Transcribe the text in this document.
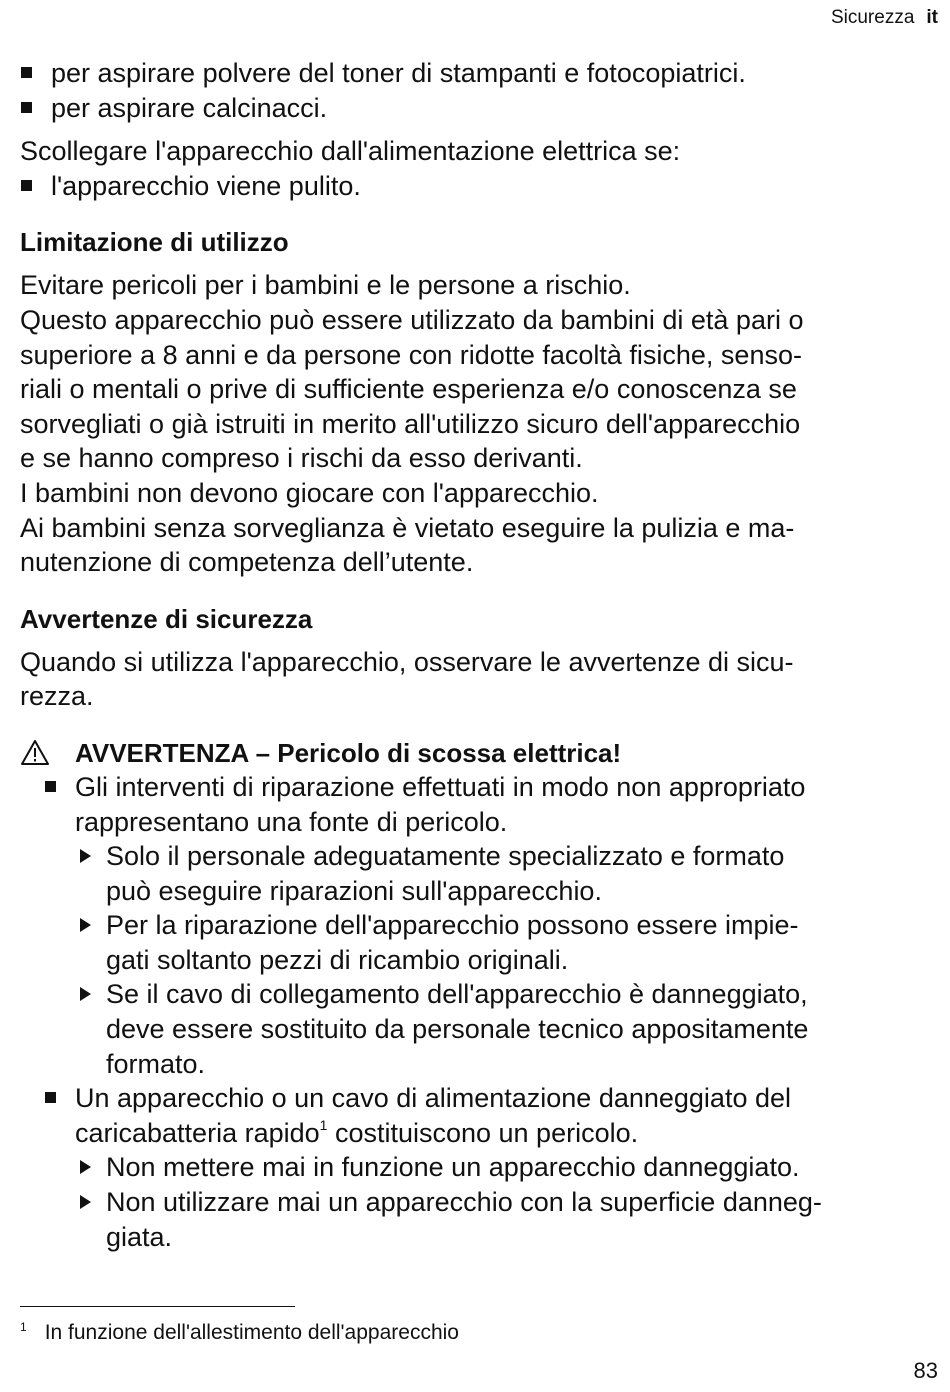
Sicurezza it
per aspirare polvere del toner di stampanti e fotocopiatrici.
per aspirare calcinacci.
Scollegare l'apparecchio dall'alimentazione elettrica se:
l'apparecchio viene pulito.
Limitazione di utilizzo
Evitare pericoli per i bambini e le persone a rischio.
Questo apparecchio può essere utilizzato da bambini di età pari o
superiore a 8 anni e da persone con ridotte facoltà fisiche, senso-
riali o mentali o prive di sufficiente esperienza e/o conoscenza se
sorvegliati o già istruiti in merito all'utilizzo sicuro dell'apparecchio
e se hanno compreso i rischi da esso derivanti.
I bambini non devono giocare con l'apparecchio.
Ai bambini senza sorveglianza è vietato eseguire la pulizia e ma-
nutenzione di competenza dell’utente.
Avvertenze di sicurezza
Quando si utilizza l'apparecchio, osservare le avvertenze di sicu-
rezza.
AVVERTENZA – Pericolo di scossa elettrica!
Gli interventi di riparazione effettuati in modo non appropriato
rappresentano una fonte di pericolo.
Solo il personale adeguatamente specializzato e formato
può eseguire riparazioni sull'apparecchio.
Per la riparazione dell'apparecchio possono essere impie-
gati soltanto pezzi di ricambio originali.
Se il cavo di collegamento dell'apparecchio è danneggiato,
deve essere sostituito da personale tecnico appositamente
formato.
Un apparecchio o un cavo di alimentazione danneggiato del
caricabatteria rapido$^1$ costituiscono un pericolo.
Non mettere mai in funzione un apparecchio danneggiato.
Non utilizzare mai un apparecchio con la superficie danneg-
giata.
$^1$ In funzione dell'allestimento dell'apparecchio
83
